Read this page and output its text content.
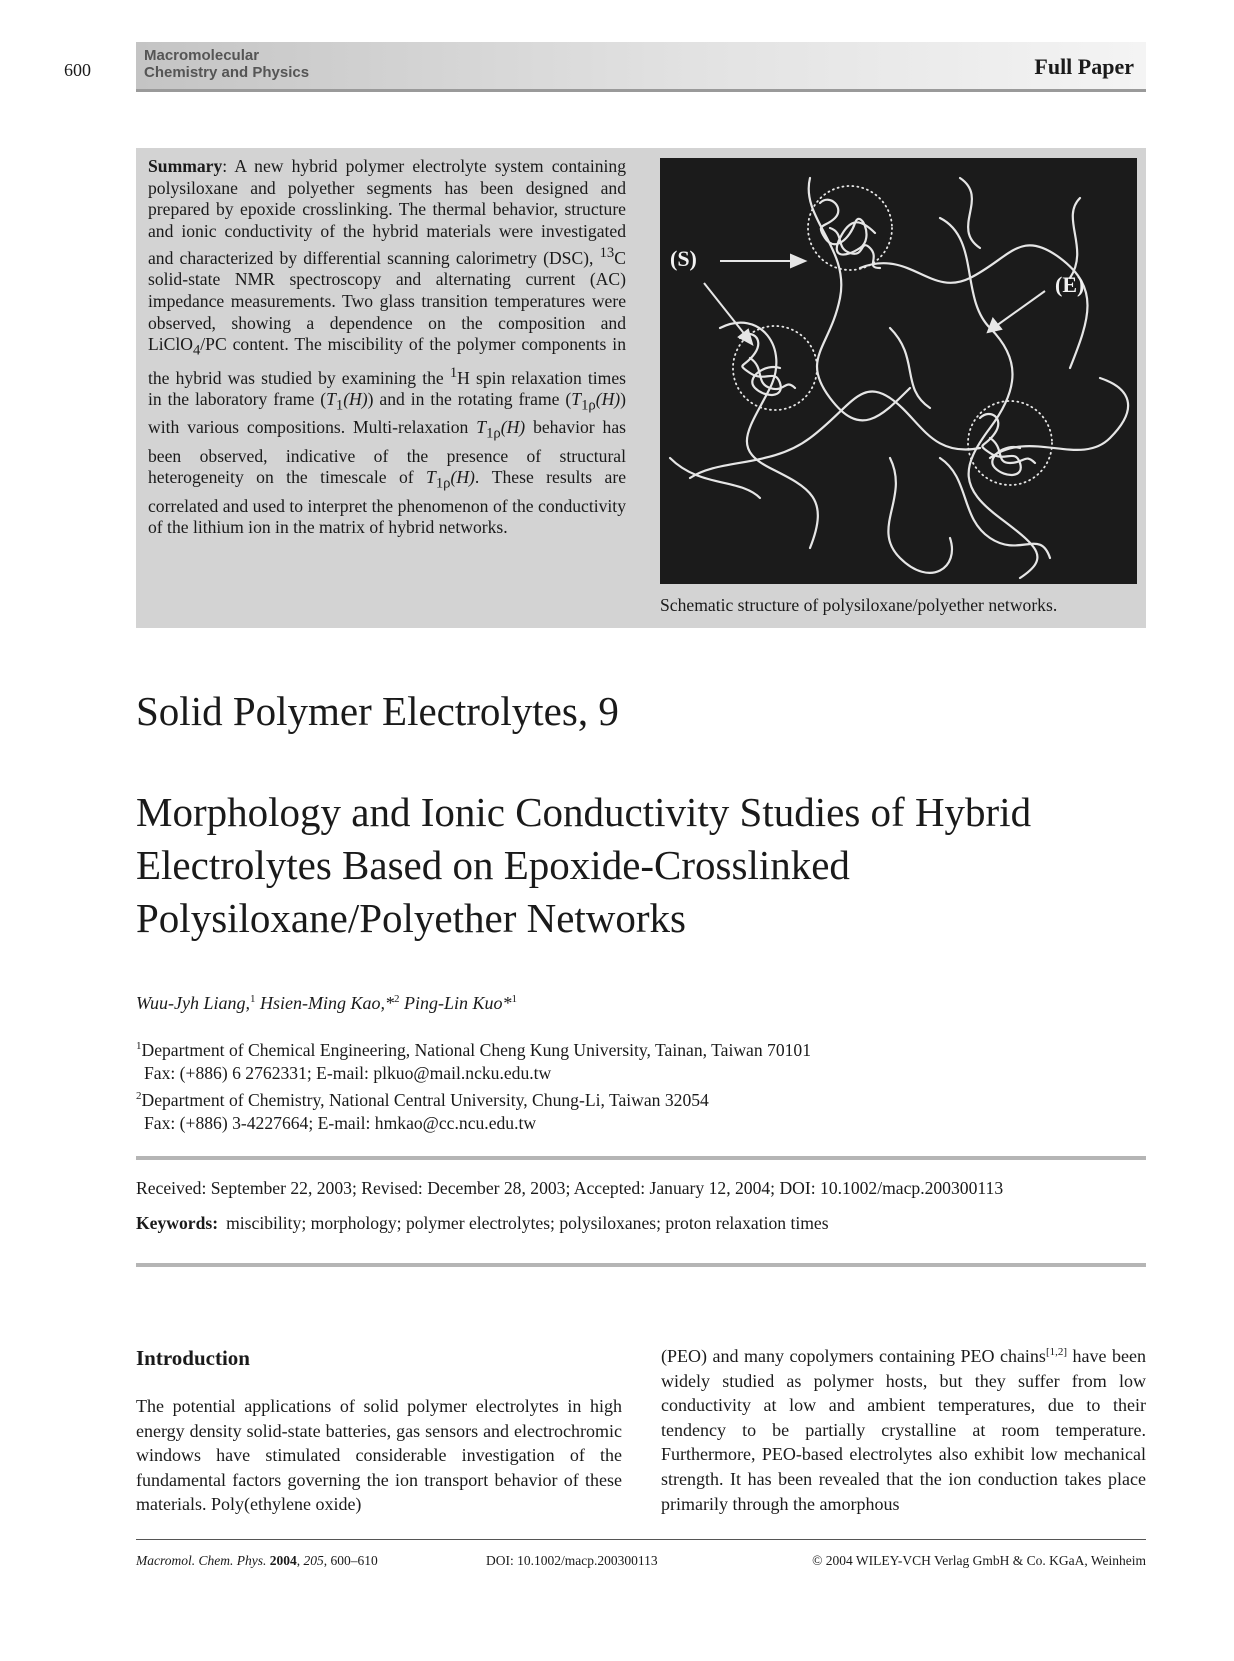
600
Macromolecular
Chemistry and Physics	Full Paper
Summary: A new hybrid polymer electrolyte system containing polysiloxane and polyether segments has been designed and prepared by epoxide crosslinking. The thermal behavior, structure and ionic conductivity of the hybrid materials were investigated and characterized by differential scanning calorimetry (DSC), $^{13}$C solid-state NMR spectroscopy and alternating current (AC) impedance measurements. Two glass transition temperatures were observed, showing a dependence on the composition and LiClO$_4$/PC content. The miscibility of the polymer components in the hybrid was studied by examining the $^1$H spin relaxation times in the laboratory frame $(T_1(H))$ and in the rotating frame $(T_{1\rho}(H))$ with various compositions. Multi-relaxation $T_{1\rho}(H)$ behavior has been observed, indicative of the presence of structural heterogeneity on the timescale of $T_{1\rho}(H)$. These results are correlated and used to interpret the phenomenon of the conductivity of the lithium ion in the matrix of hybrid networks.
(S)
(E)
Schematic structure of polysiloxane/polyether networks.
Solid Polymer Electrolytes, 9
Morphology and Ionic Conductivity Studies of Hybrid
Electrolytes Based on Epoxide-Crosslinked
Polysiloxane/Polyether Networks
Wuu-Jyh Liang,$^1$ Hsien-Ming Kao,*$^2$ Ping-Lin Kuo*$^1$
$^1$Department of Chemical Engineering, National Cheng Kung University, Tainan, Taiwan 70101
Fax: (+886) 6 2762331; E-mail: plkuo@mail.ncku.edu.tw
$^2$Department of Chemistry, National Central University, Chung-Li, Taiwan 32054
Fax: (+886) 3-4227664; E-mail: hmkao@cc.ncu.edu.tw
Received: September 22, 2003; Revised: December 28, 2003; Accepted: January 12, 2004; DOI: 10.1002/macp.200300113
Keywords: miscibility; morphology; polymer electrolytes; polysiloxanes; proton relaxation times
Introduction
The potential applications of solid polymer electrolytes in high energy density solid-state batteries, gas sensors and electrochromic windows have stimulated considerable investigation of the fundamental factors governing the ion transport behavior of these materials. Poly(ethylene oxide)
(PEO) and many copolymers containing PEO chains[1,2] have been widely studied as polymer hosts, but they suffer from low conductivity at low and ambient temperatures, due to their tendency to be partially crystalline at room temperature. Furthermore, PEO-based electrolytes also exhibit low mechanical strength. It has been revealed that the ion conduction takes place primarily through the amorphous
Macromol. Chem. Phys. 2004, 205, 600–610	DOI: 10.1002/macp.200300113	© 2004 WILEY-VCH Verlag GmbH & Co. KGaA, Weinheim
